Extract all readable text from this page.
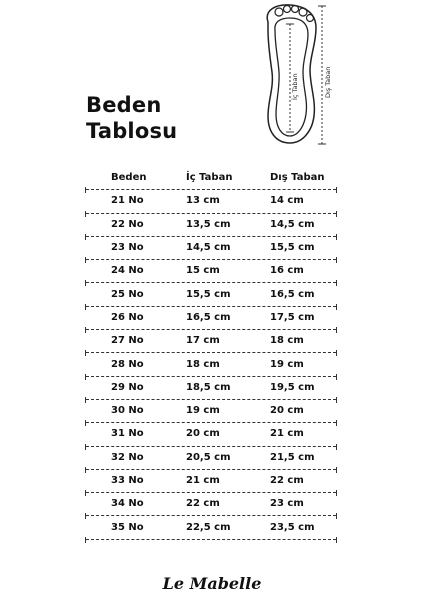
İç Taban	Dış Taban
Beden
Tablosu
Beden	İç Taban	Dış Taban
21 No	13 cm	14 cm
22 No	13,5 cm	14,5 cm
23 No	14,5 cm	15,5 cm
24 No	15 cm	16 cm
25 No	15,5 cm	16,5 cm
26 No	16,5 cm	17,5 cm
27 No	17 cm	18 cm
28 No	18 cm	19 cm
29 No	18,5 cm	19,5 cm
30 No	19 cm	20 cm
31 No	20 cm	21 cm
32 No	20,5 cm	21,5 cm
33 No	21 cm	22 cm
34 No	22 cm	23 cm
35 No	22,5 cm	23,5 cm
Le Mabelle
